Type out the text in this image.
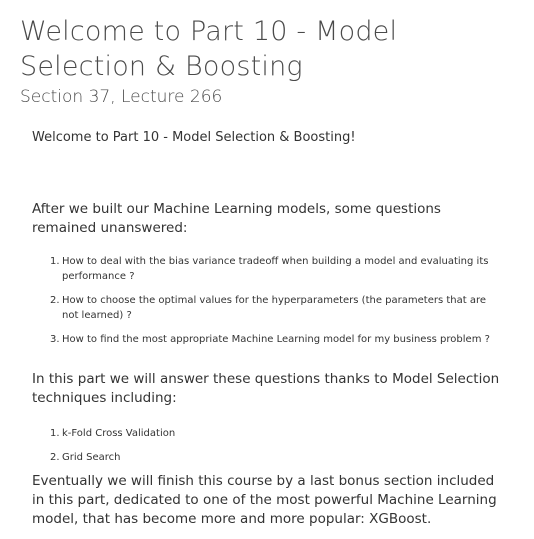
Welcome to Part 10 - Model Selection & Boosting
Section 37, Lecture 266

Welcome to Part 10 - Model Selection & Boosting!

After we built our Machine Learning models, some questions remained unanswered:

1. How to deal with the bias variance tradeoff when building a model and evaluating its performance ?
2. How to choose the optimal values for the hyperparameters (the parameters that are not learned) ?
3. How to find the most appropriate Machine Learning model for my business problem ?

In this part we will answer these questions thanks to Model Selection techniques including:

1. k-Fold Cross Validation
2. Grid Search

Eventually we will finish this course by a last bonus section included in this part, dedicated to one of the most powerful Machine Learning model, that has become more and more popular: XGBoost.
